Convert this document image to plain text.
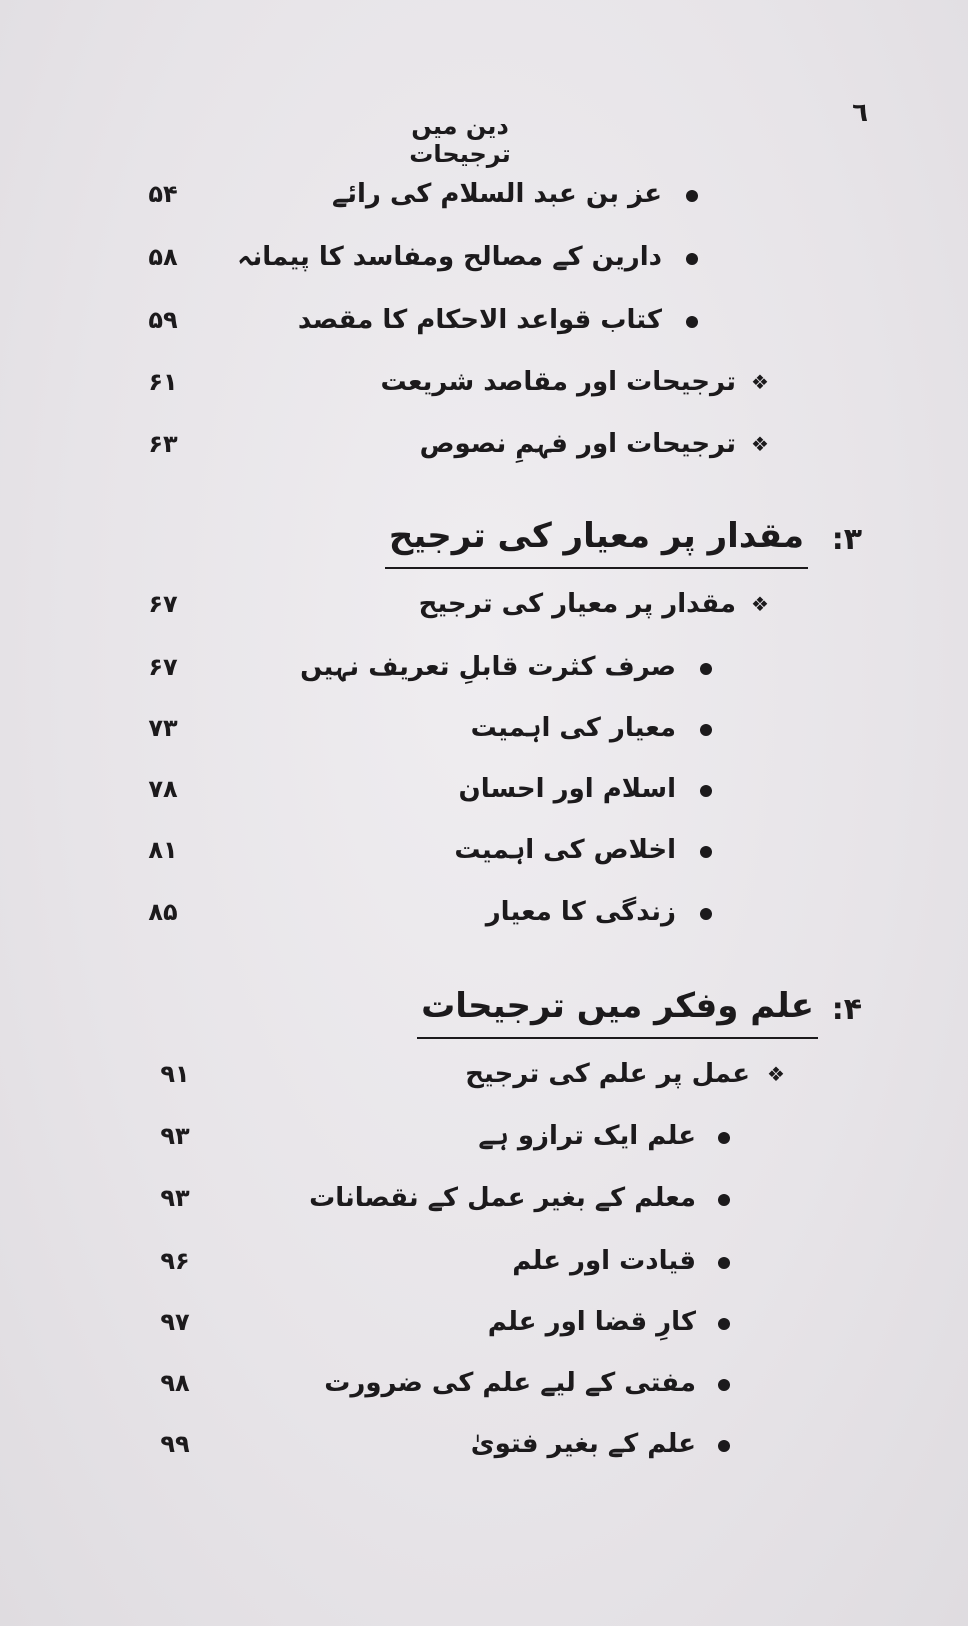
٦
دین میں ترجیحات
عز بن عبد السلام کی رائے
۵۴
دارین کے مصالح ومفاسد کا پیمانہ
۵۸
کتاب قواعد الاحکام کا مقصد
۵۹
ترجیحات اور مقاصد شریعت ❖
۶۱
ترجیحات اور فہمِ نصوص ❖
۶۳
۳:
مقدار پر معیار کی ترجیح
مقدار پر معیار کی ترجیح ❖
۶۷
صرف کثرت قابلِ تعریف نہیں
۶۷
معیار کی اہمیت
۷۳
اسلام اور احسان
۷۸
اخلاص کی اہمیت
۸۱
زندگی کا معیار
۸۵
۴:
علم وفکر میں ترجیحات
عمل پر علم کی ترجیح ❖
۹۱
علم ایک ترازو ہے
۹۳
معلم کے بغیر عمل کے نقصانات
۹۳
قیادت اور علم
۹۶
کارِ قضا اور علم
۹۷
مفتی کے لیے علم کی ضرورت
۹۸
علم کے بغیر فتویٰ
۹۹
